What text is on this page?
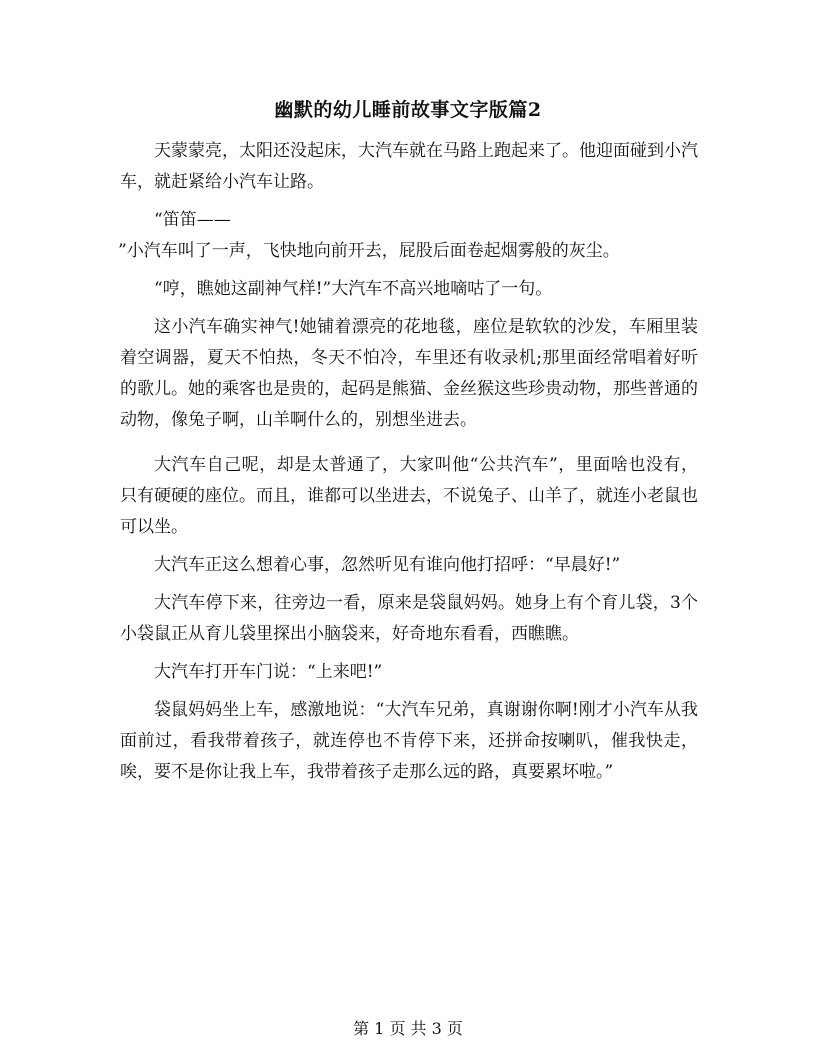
幽默的幼儿睡前故事文字版篇2

天蒙蒙亮，太阳还没起床，大汽车就在马路上跑起来了。他迎面碰到小汽车，就赶紧给小汽车让路。

“笛笛——

”小汽车叫了一声，飞快地向前开去，屁股后面卷起烟雾般的灰尘。

“哼，瞧她这副神气样!”大汽车不高兴地嘀咕了一句。

这小汽车确实神气!她铺着漂亮的花地毯，座位是软软的沙发，车厢里装着空调器，夏天不怕热，冬天不怕冷，车里还有收录机;那里面经常唱着好听的歌儿。她的乘客也是贵的，起码是熊猫、金丝猴这些珍贵动物，那些普通的动物，像兔子啊，山羊啊什么的，别想坐进去。

大汽车自己呢，却是太普通了，大家叫他“公共汽车”，里面啥也没有，只有硬硬的座位。而且，谁都可以坐进去，不说兔子、山羊了，就连小老鼠也可以坐。

大汽车正这么想着心事，忽然听见有谁向他打招呼：“早晨好!”

大汽车停下来，往旁边一看，原来是袋鼠妈妈。她身上有个育儿袋，3个小袋鼠正从育儿袋里探出小脑袋来，好奇地东看看，西瞧瞧。

大汽车打开车门说：“上来吧!”

袋鼠妈妈坐上车，感激地说：“大汽车兄弟，真谢谢你啊!刚才小汽车从我面前过，看我带着孩子，就连停也不肯停下来，还拼命按喇叭，催我快走，唉，要不是你让我上车，我带着孩子走那么远的路，真要累坏啦。”

第 1 页 共 3 页
